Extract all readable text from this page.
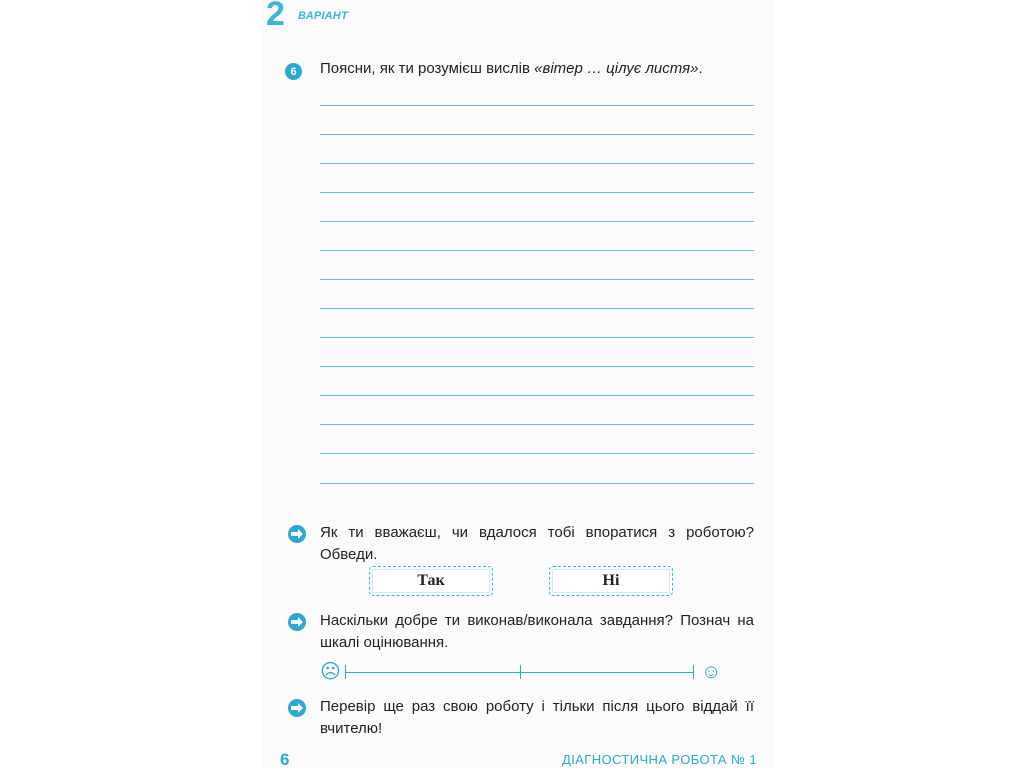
2 ВАРІАНТ
6	Поясни, як ти розумієш вислів «вітер … цілує листя».
Як ти вважаєш, чи вдалося тобі впоратися з роботою? Обведи.
Так	Ні
Наскільки добре ти виконав/виконала завдання? Познач на шкалі оцінювання.
☹	☺
Перевір ще раз свою роботу і тільки після цього віддай її вчителю!
6	ДІАГНОСТИЧНА РОБОТА № 1
